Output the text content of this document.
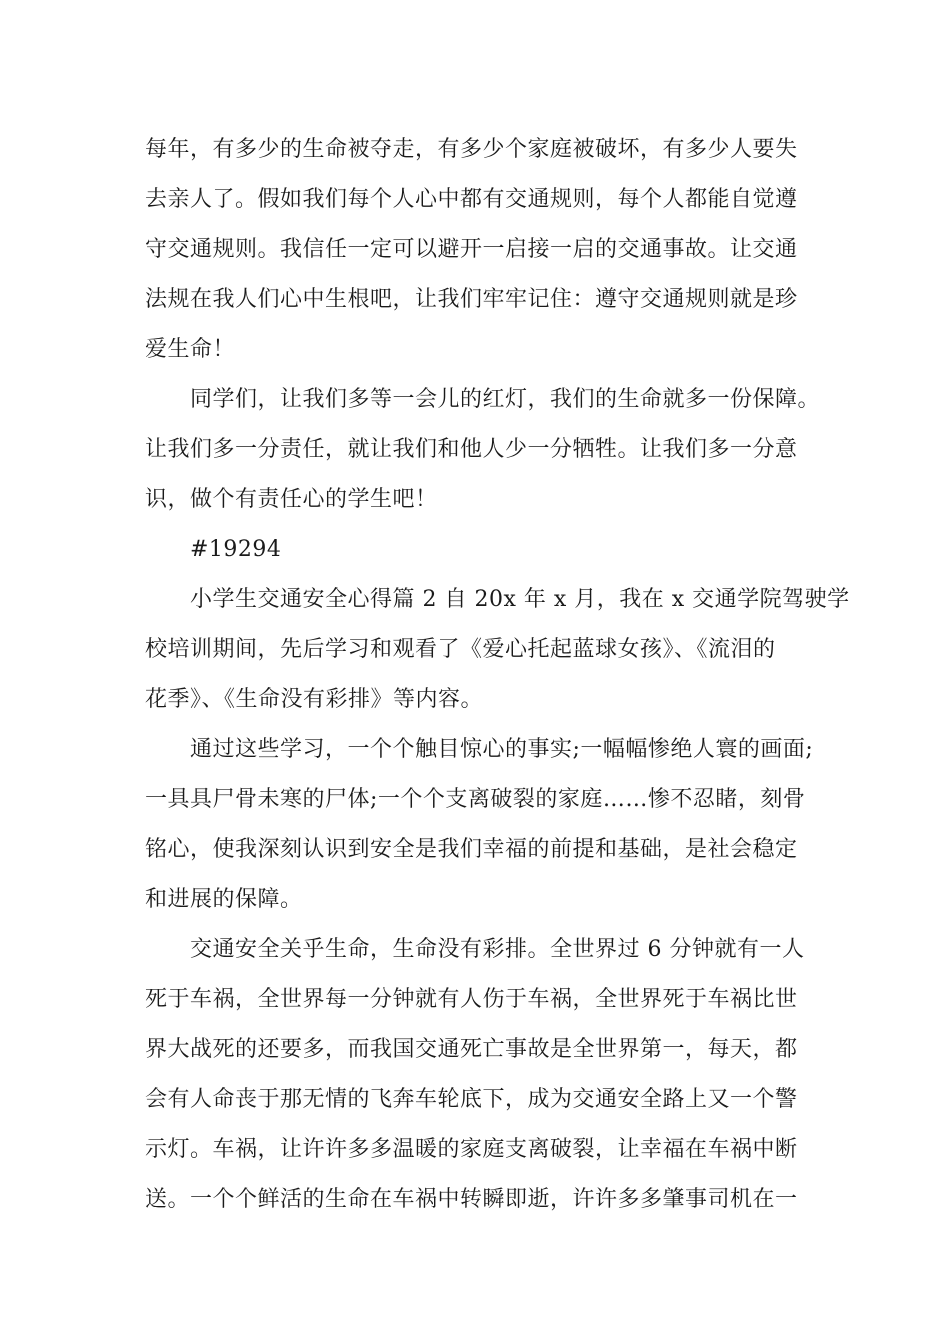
每年，有多少的生命被夺走，有多少个家庭被破坏，有多少人要失

去亲人了。假如我们每个人心中都有交通规则，每个人都能自觉遵

守交通规则。我信任一定可以避开一启接一启的交通事故。让交通

法规在我人们心中生根吧，让我们牢牢记住：遵守交通规则就是珍

爱生命！

同学们，让我们多等一会儿的红灯，我们的生命就多一份保障。

让我们多一分责任，就让我们和他人少一分牺牲。让我们多一分意

识，做个有责任心的学生吧！

#19294

小学生交通安全心得篇 2 自 20x 年 x 月，我在 x 交通学院驾驶学

校培训期间，先后学习和观看了《爱心托起蓝球女孩》、《流泪的

花季》、《生命没有彩排》等内容。

通过这些学习，一个个触目惊心的事实;一幅幅惨绝人寰的画面;

一具具尸骨未寒的尸体;一个个支离破裂的家庭……惨不忍睹，刻骨

铭心，使我深刻认识到安全是我们幸福的前提和基础，是社会稳定

和进展的保障。

交通安全关乎生命，生命没有彩排。全世界过 6 分钟就有一人

死于车祸，全世界每一分钟就有人伤于车祸，全世界死于车祸比世

界大战死的还要多，而我国交通死亡事故是全世界第一，每天，都

会有人命丧于那无情的飞奔车轮底下，成为交通安全路上又一个警

示灯。车祸，让许许多多温暖的家庭支离破裂，让幸福在车祸中断

送。一个个鲜活的生命在车祸中转瞬即逝，许许多多肇事司机在一
